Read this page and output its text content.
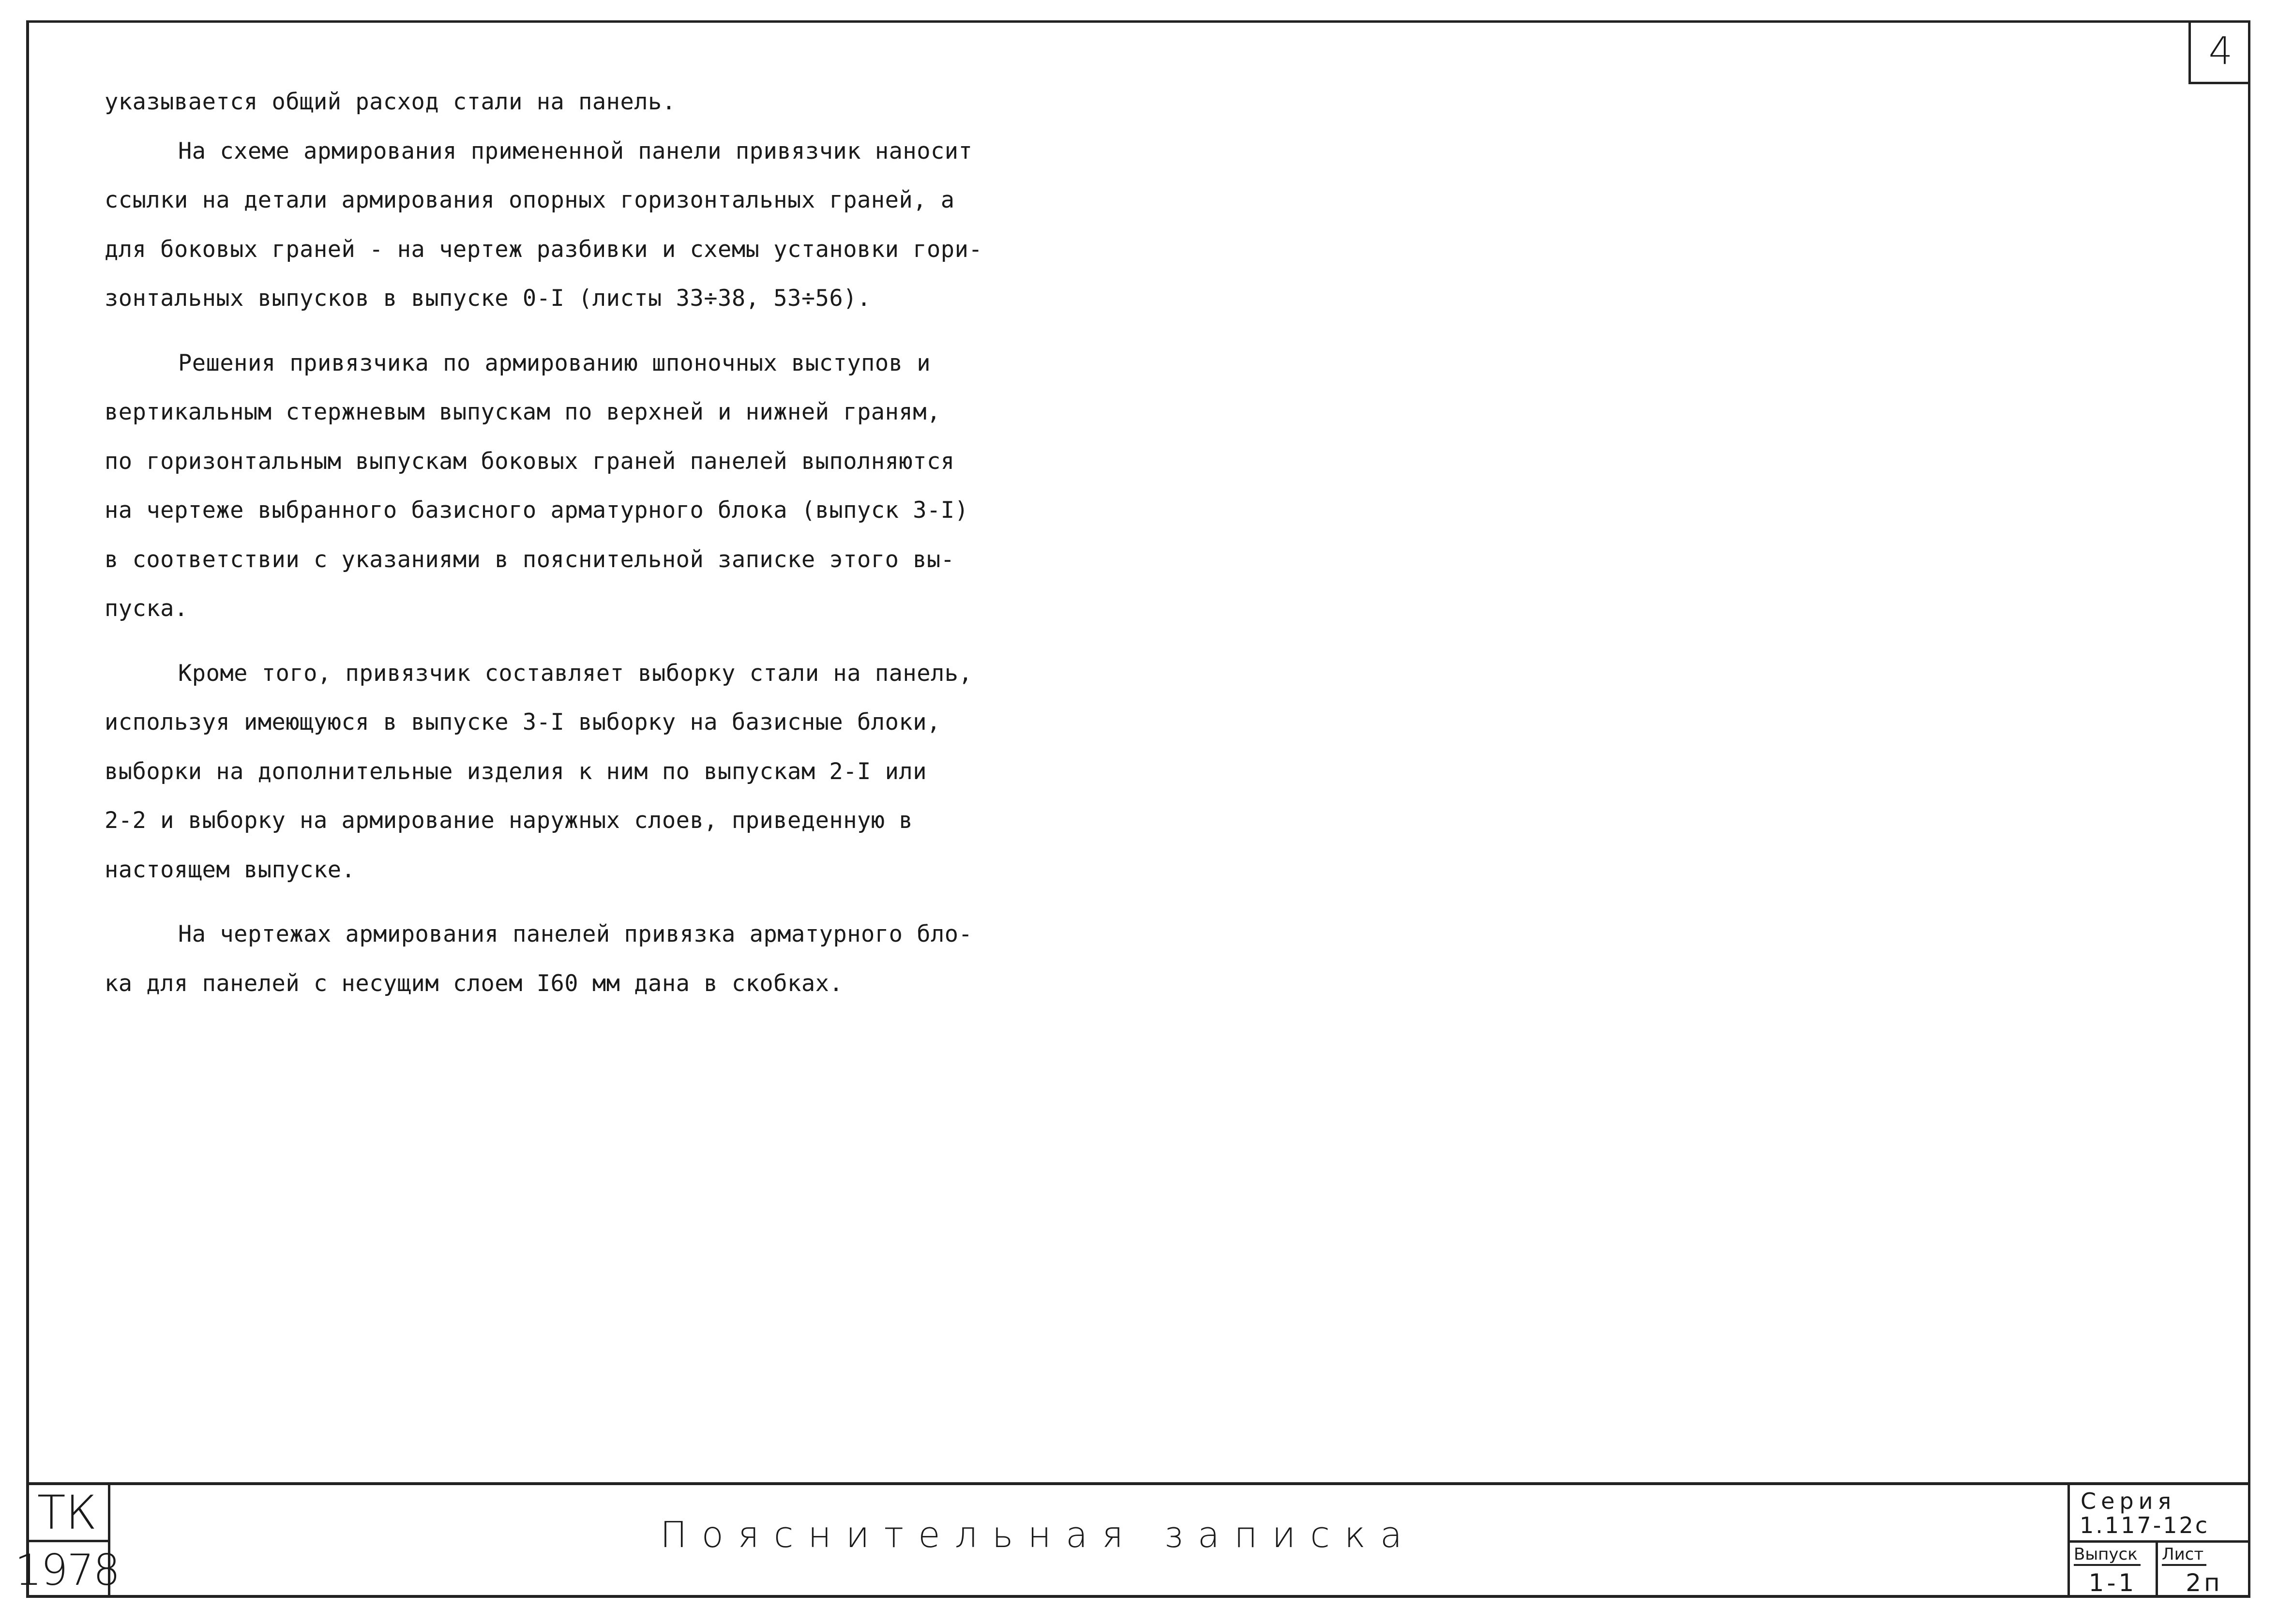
4

указывается общий расход стали на панель.

На схеме армирования примененной панели привязчик наносит
ссылки на детали армирования опорных горизонтальных граней, а
для боковых граней - на чертеж разбивки и схемы установки гори-
зонтальных выпусков в выпуске 0-I (листы 33÷38, 53÷56).

Решения привязчика по армированию шпоночных выступов и
вертикальным стержневым выпускам по верхней и нижней граням,
по горизонтальным выпускам боковых граней панелей выполняются
на чертеже выбранного базисного арматурного блока (выпуск 3-I)
в соответствии с указаниями в пояснительной записке этого вы-
пуска.

Кроме того, привязчик составляет выборку стали на панель,
используя имеющуюся в выпуске 3-I выборку на базисные блоки,
выборки на дополнительные изделия к ним по выпускам 2-I или
2-2 и выборку на армирование наружных слоев, приведенную в
настоящем выпуске.

На чертежах армирования панелей привязка арматурного бло-
ка для панелей с несущим слоем I60 мм дана в скобках.

ТК
1978
Пояснительная записка
Серия
1.117-12с
Выпуск
1-1
Лист
2п
